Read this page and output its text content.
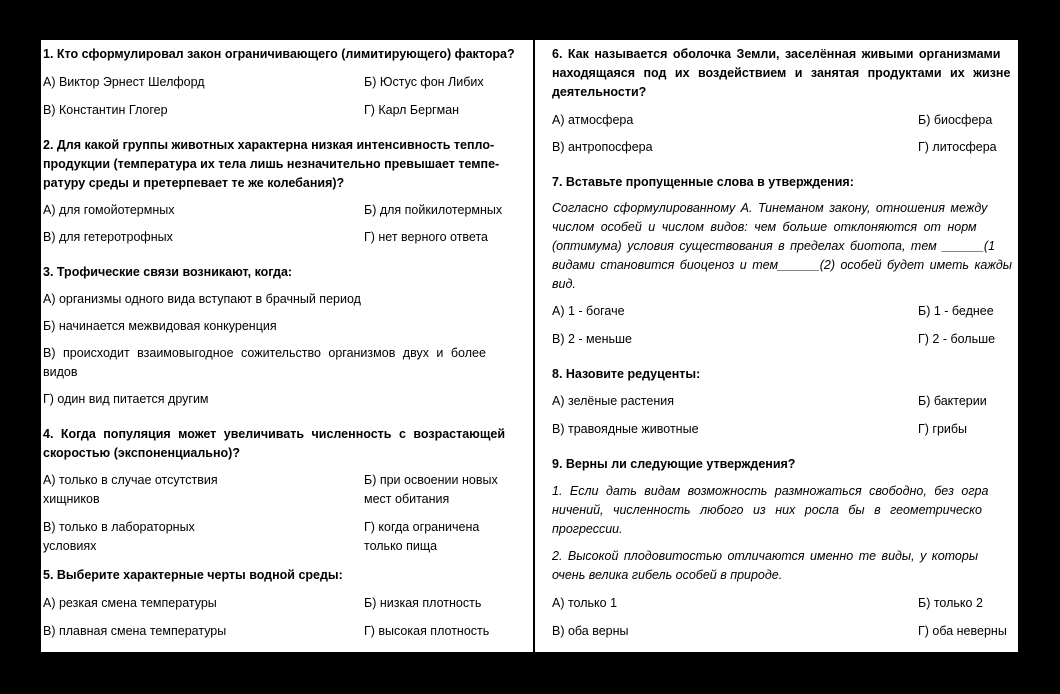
1. Кто сформулировал закон ограничивающего (лимитирующего) фактора?
А) Виктор Эрнест Шелфорд	Б) Юстус фон Либих
В) Константин Глогер	Г) Карл Бергман
2. Для какой группы животных характерна низкая интенсивность тепло-
продукции (температура их тела лишь незначительно превышает темпе-
ратуру среды и претерпевает те же колебания)?
А) для гомойотермных	Б) для пойкилотермных
В) для гетеротрофных	Г) нет верного ответа
3. Трофические связи возникают, когда:
А) организмы одного вида вступают в брачный период
Б) начинается межвидовая конкуренция
В) происходит взаимовыгодное сожительство организмов двух и более
видов
Г) один вид питается другим
4. Когда популяция может увеличивать численность с возрастающей
скоростью (экспоненциально)?
А) только в случае отсутствия
хищников
Б) при освоении новых
мест обитания
В) только в лабораторных
условиях
Г) когда ограничена
только пища
5. Выберите характерные черты водной среды:
А) резкая смена температуры	Б) низкая плотность
В) плавная смена температуры	Г) высокая плотность
6. Как называется оболочка Земли, заселённая живыми организмами
находящаяся под их воздействием и занятая продуктами их жизне
деятельности?
А) атмосфера	Б) биосфера
В) антропосфера	Г) литосфера
7. Вставьте пропущенные слова в утверждения:
Согласно сформулированному А. Тинеманом закону, отношения между
числом особей и числом видов: чем больше отклоняются от норм
(оптимума) условия существования в пределах биотопа, тем ______(1
видами становится биоценоз и тем______(2) особей будет иметь кажды
вид.
А) 1 - богаче	Б) 1 - беднее
В) 2 - меньше	Г) 2 - больше
8. Назовите редуценты:
А) зелёные растения	Б) бактерии
В) травоядные животные	Г) грибы
9. Верны ли следующие утверждения?
1. Если дать видам возможность размножаться свободно, без огра
ничений, численность любого из них росла бы в геометрическо
прогрессии.
2. Высокой плодовитостью отличаются именно те виды, у которы
очень велика гибель особей в природе.
А) только 1	Б) только 2
В) оба верны	Г) оба неверны
